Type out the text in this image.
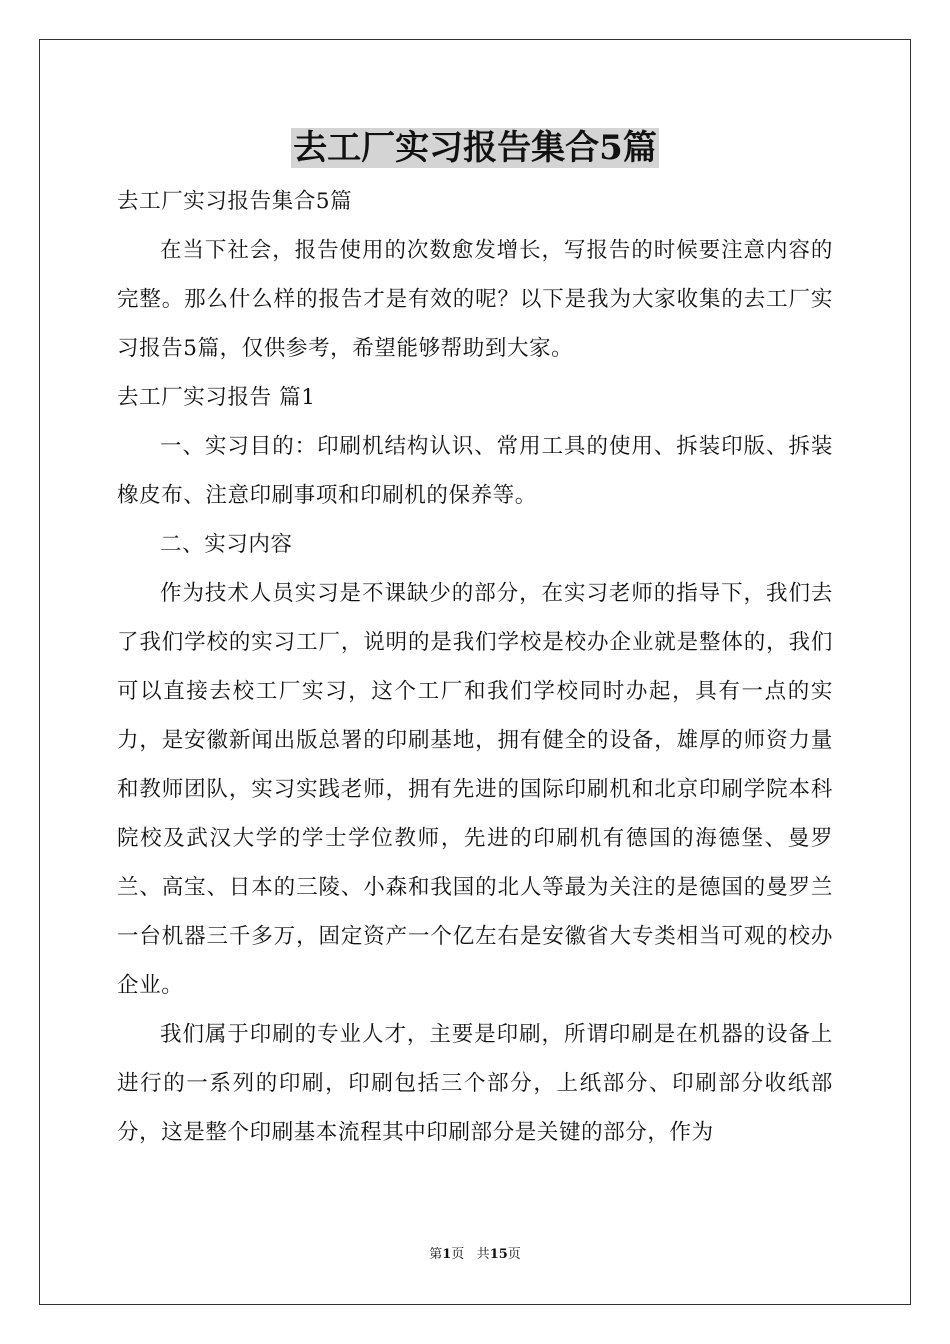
去工厂实习报告集合5篇

去工厂实习报告集合5篇

在当下社会，报告使用的次数愈发增长，写报告的时候要注意内容的完整。那么什么样的报告才是有效的呢？以下是我为大家收集的去工厂实习报告5篇，仅供参考，希望能够帮助到大家。

去工厂实习报告 篇1

一、实习目的：印刷机结构认识、常用工具的使用、拆装印版、拆装橡皮布、注意印刷事项和印刷机的保养等。

二、实习内容

作为技术人员实习是不课缺少的部分，在实习老师的指导下，我们去了我们学校的实习工厂，说明的是我们学校是校办企业就是整体的，我们可以直接去校工厂实习，这个工厂和我们学校同时办起，具有一点的实力，是安徽新闻出版总署的印刷基地，拥有健全的设备，雄厚的师资力量和教师团队，实习实践老师，拥有先进的国际印刷机和北京印刷学院本科院校及武汉大学的学士学位教师，先进的印刷机有德国的海德堡、曼罗兰、高宝、日本的三陵、小森和我国的北人等最为关注的是德国的曼罗兰一台机器三千多万，固定资产一个亿左右是安徽省大专类相当可观的校办企业。

我们属于印刷的专业人才，主要是印刷，所谓印刷是在机器的设备上进行的一系列的印刷，印刷包括三个部分，上纸部分、印刷部分收纸部分，这是整个印刷基本流程其中印刷部分是关键的部分，作为

第1页 共15页
